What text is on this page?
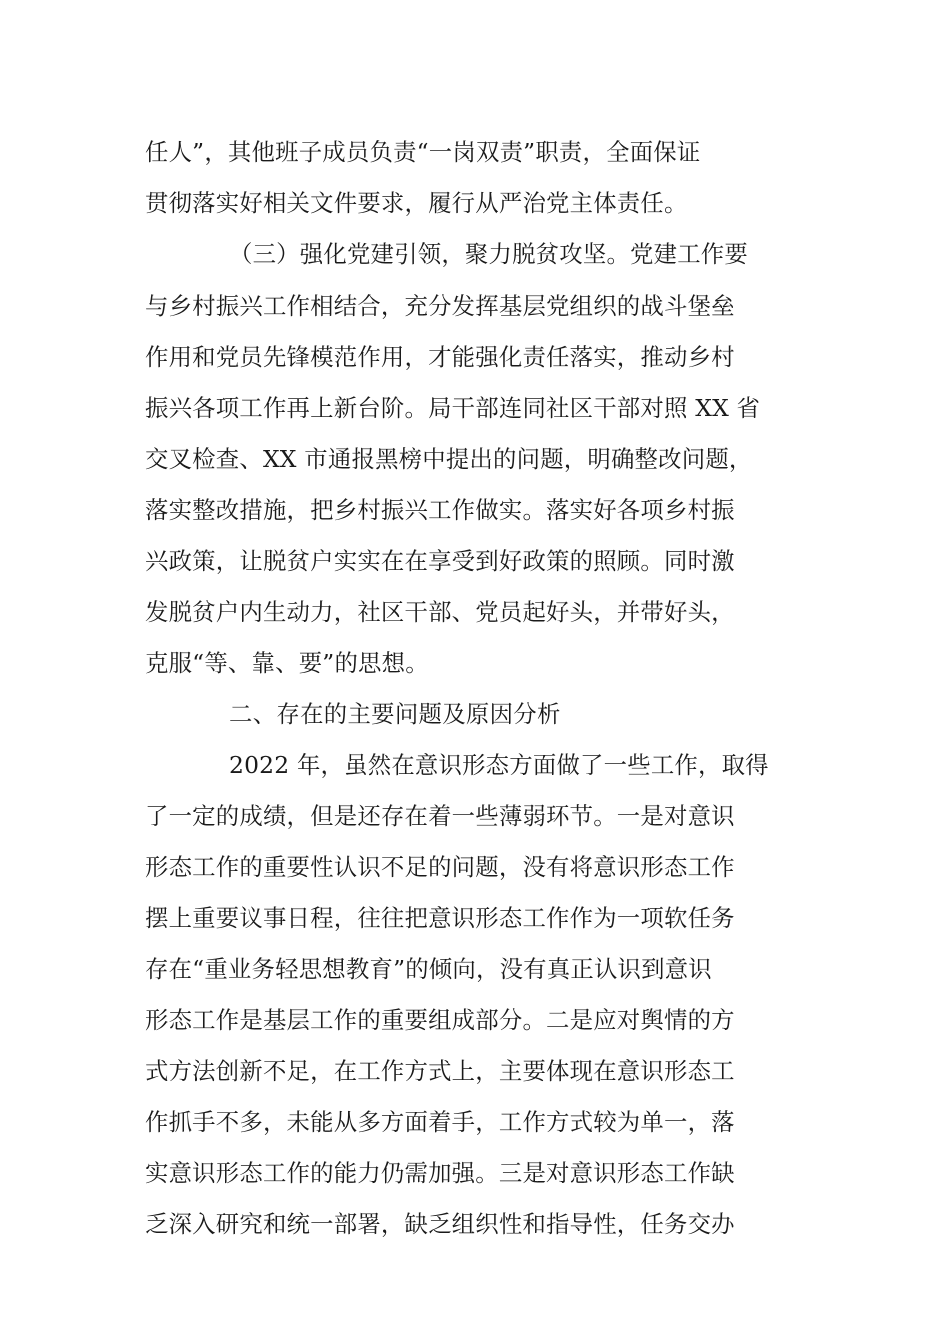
任人”，其他班子成员负责“一岗双责”职责，全面保证

贯彻落实好相关文件要求，履行从严治党主体责任。

（三）强化党建引领，聚力脱贫攻坚。党建工作要

与乡村振兴工作相结合，充分发挥基层党组织的战斗堡垒

作用和党员先锋模范作用，才能强化责任落实，推动乡村

振兴各项工作再上新台阶。局干部连同社区干部对照 XX 省

交叉检查、XX 市通报黑榜中提出的问题，明确整改问题，

落实整改措施，把乡村振兴工作做实。落实好各项乡村振

兴政策，让脱贫户实实在在享受到好政策的照顾。同时激

发脱贫户内生动力，社区干部、党员起好头，并带好头，

克服“等、靠、要”的思想。

二、存在的主要问题及原因分析

2022 年，虽然在意识形态方面做了一些工作，取得

了一定的成绩，但是还存在着一些薄弱环节。一是对意识

形态工作的重要性认识不足的问题，没有将意识形态工作

摆上重要议事日程，往往把意识形态工作作为一项软任务

存在“重业务轻思想教育”的倾向，没有真正认识到意识

形态工作是基层工作的重要组成部分。二是应对舆情的方

式方法创新不足，在工作方式上，主要体现在意识形态工

作抓手不多，未能从多方面着手，工作方式较为单一，落

实意识形态工作的能力仍需加强。三是对意识形态工作缺

乏深入研究和统一部署，缺乏组织性和指导性，任务交办
